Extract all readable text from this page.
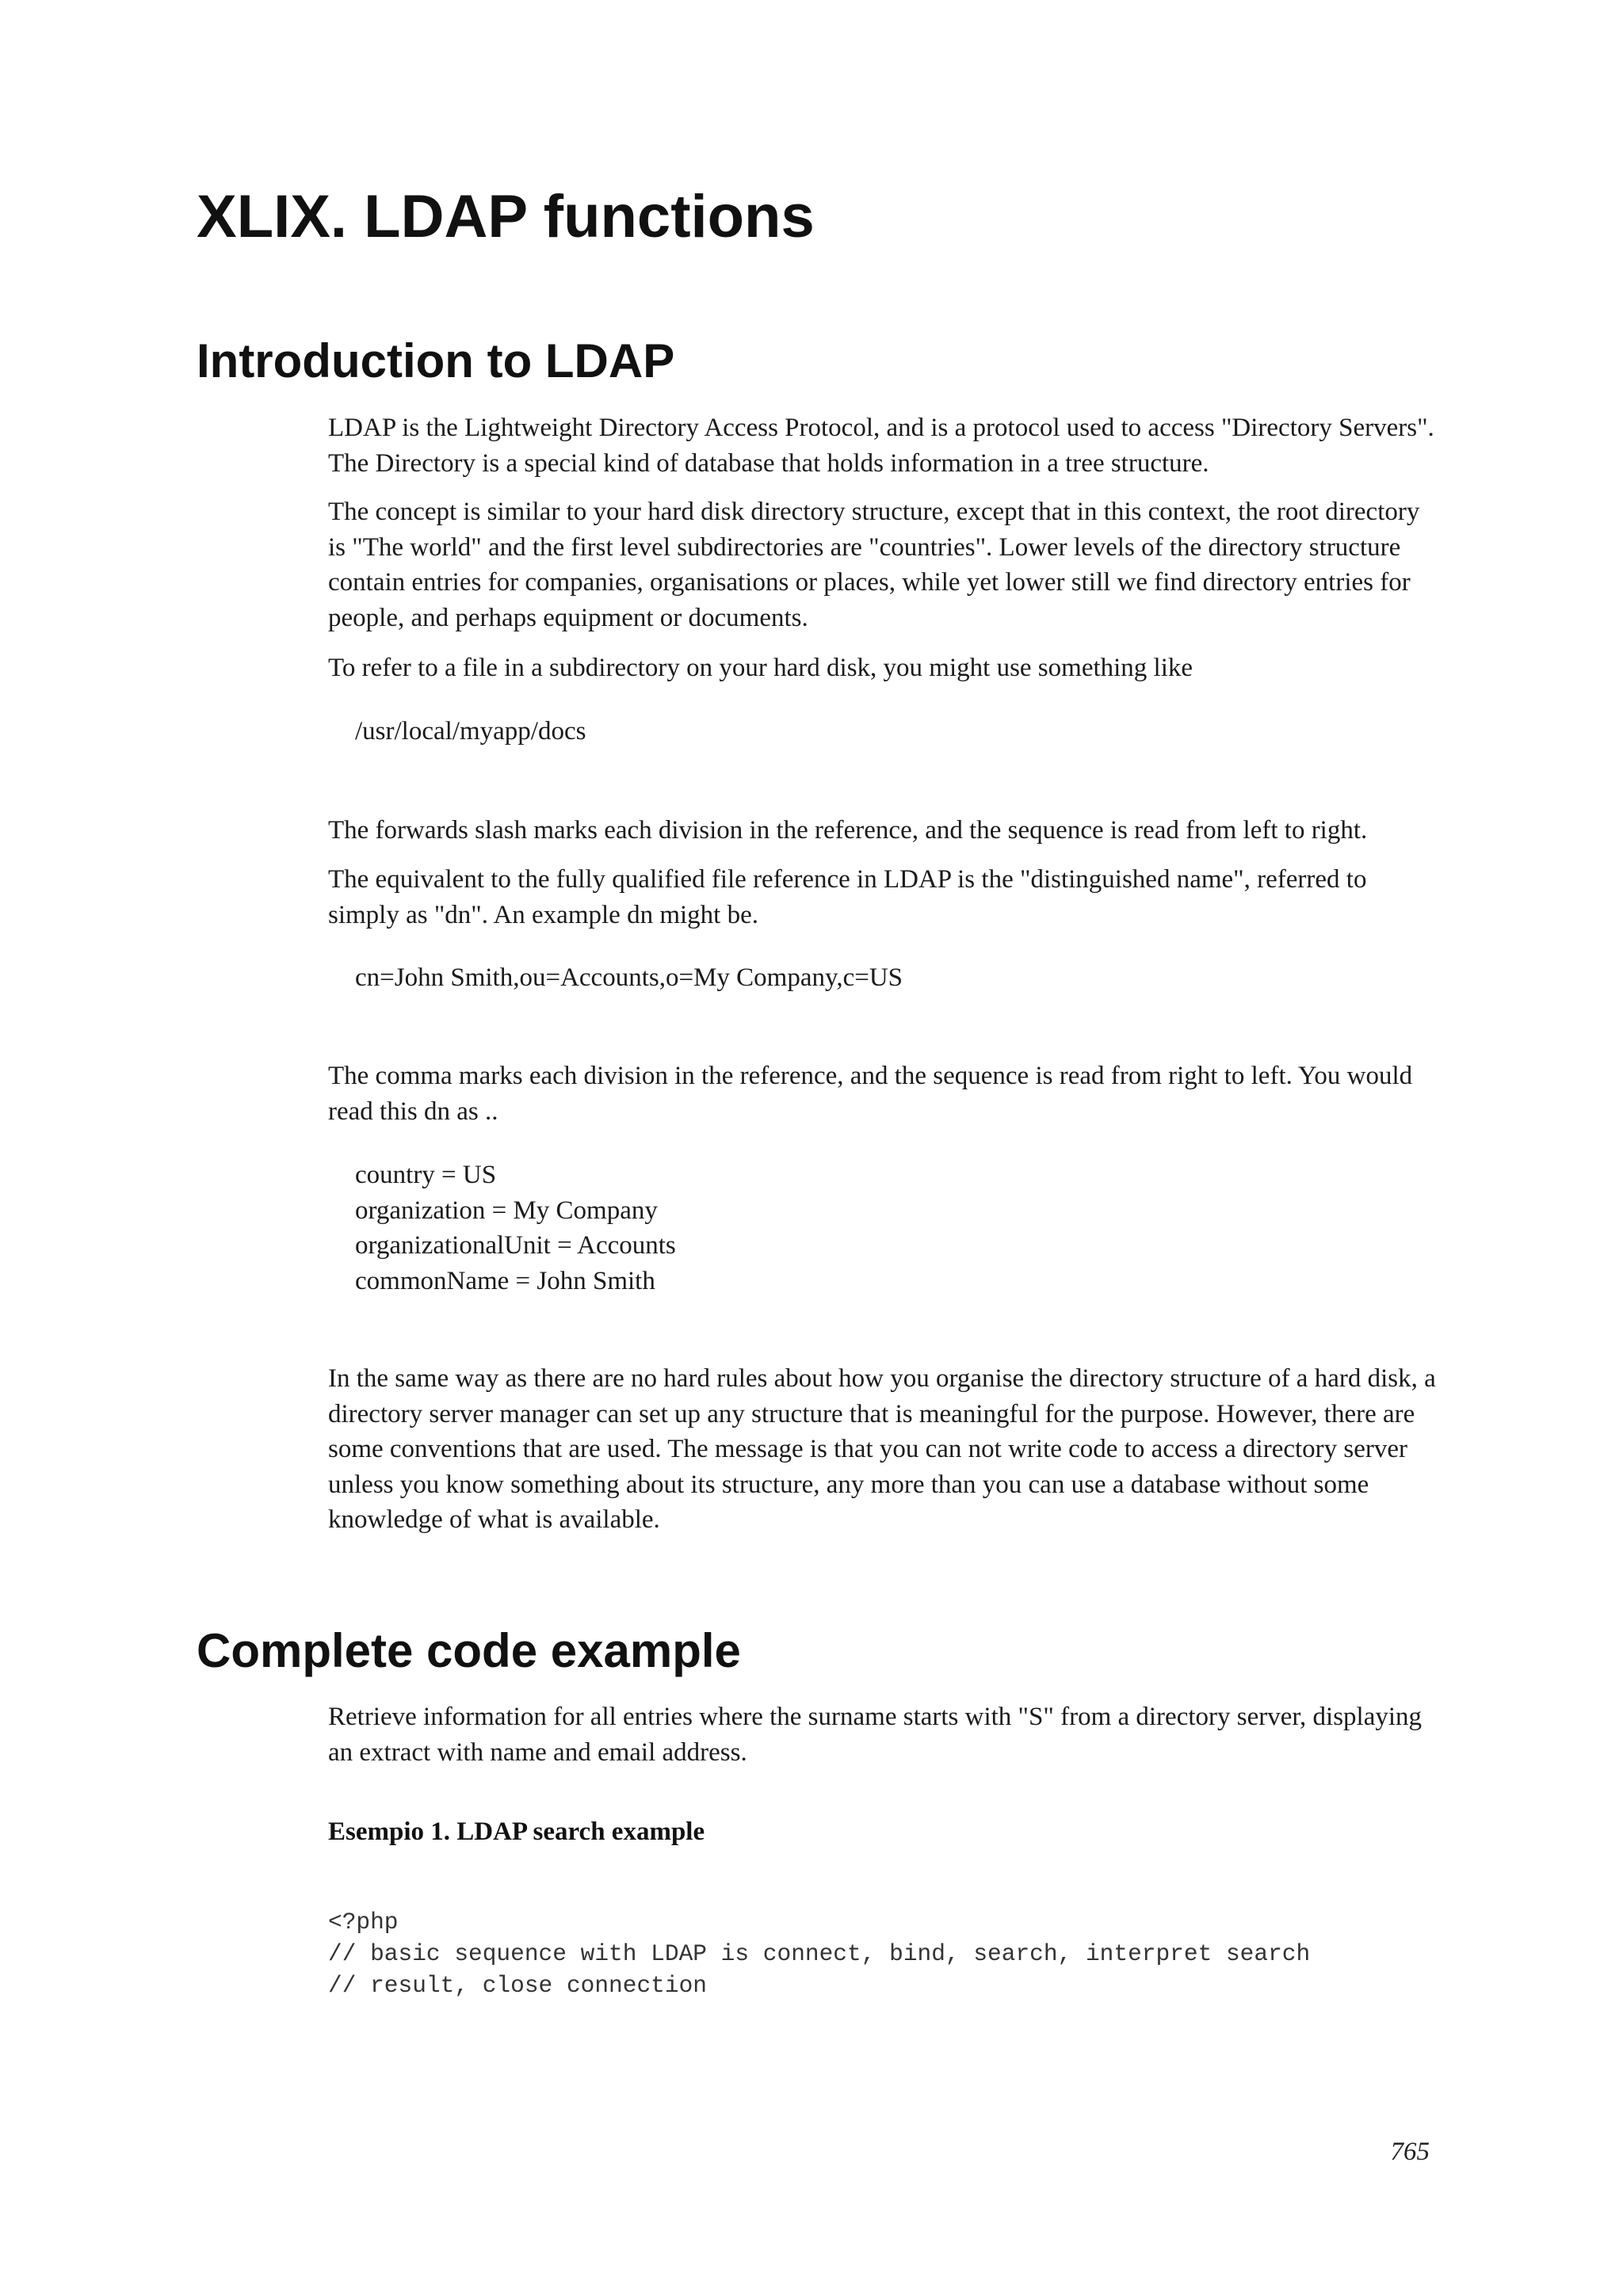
XLIX. LDAP functions
Introduction to LDAP

LDAP is the Lightweight Directory Access Protocol, and is a protocol used to access "Directory Servers". The Directory is a special kind of database that holds information in a tree structure.

The concept is similar to your hard disk directory structure, except that in this context, the root directory is "The world" and the first level subdirectories are "countries". Lower levels of the directory structure contain entries for companies, organisations or places, while yet lower still we find directory entries for people, and perhaps equipment or documents.

To refer to a file in a subdirectory on your hard disk, you might use something like

/usr/local/myapp/docs

The forwards slash marks each division in the reference, and the sequence is read from left to right.

The equivalent to the fully qualified file reference in LDAP is the "distinguished name", referred to simply as "dn". An example dn might be.

cn=John Smith,ou=Accounts,o=My Company,c=US

The comma marks each division in the reference, and the sequence is read from right to left. You would read this dn as ..

country = US
organization = My Company
organizationalUnit = Accounts
commonName = John Smith

In the same way as there are no hard rules about how you organise the directory structure of a hard disk, a directory server manager can set up any structure that is meaningful for the purpose. However, there are some conventions that are used. The message is that you can not write code to access a directory server unless you know something about its structure, any more than you can use a database without some knowledge of what is available.

Complete code example

Retrieve information for all entries where the surname starts with "S" from a directory server, displaying an extract with name and email address.

Esempio 1. LDAP search example

<?php
// basic sequence with LDAP is connect, bind, search, interpret search
// result, close connection

765
